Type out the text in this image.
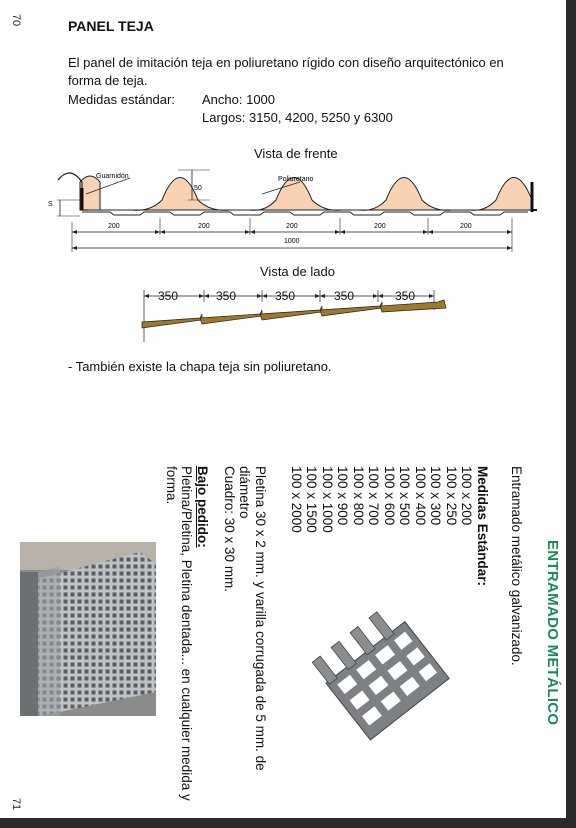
70	PANEL TEJA
El panel de imitación teja en poliuretano rígido con diseño arquitectónico en
forma de teja.
Medidas estándar: Ancho: 1000
Largos: 3150, 4200, 5250 y 6300
Vista de frente
Guarnidón	Poliuretano
50
S
200	200	200	200	200
1000
Vista de lado
350	350	350	350	350
- También existe la chapa teja sin poliuretano.
71
ENTRAMADO METÁLICO
Entramado metálico galvanizado.
Medidas Estándar:
100 x 200
100 x 250
100 x 300
100 x 400
100 x 500
100 x 600
100 x 700
100 x 800
100 x 900
100 x 1000
100 x 1500
100 x 2000
Pletina 30 x 2 mm. y varilla corrugada de 5 mm. de
diámetro
Cuadro: 30 x 30 mm.
Bajo pedido:
Pletina/Pletina, Pletina dentada... en cualquier medida y
forma.
